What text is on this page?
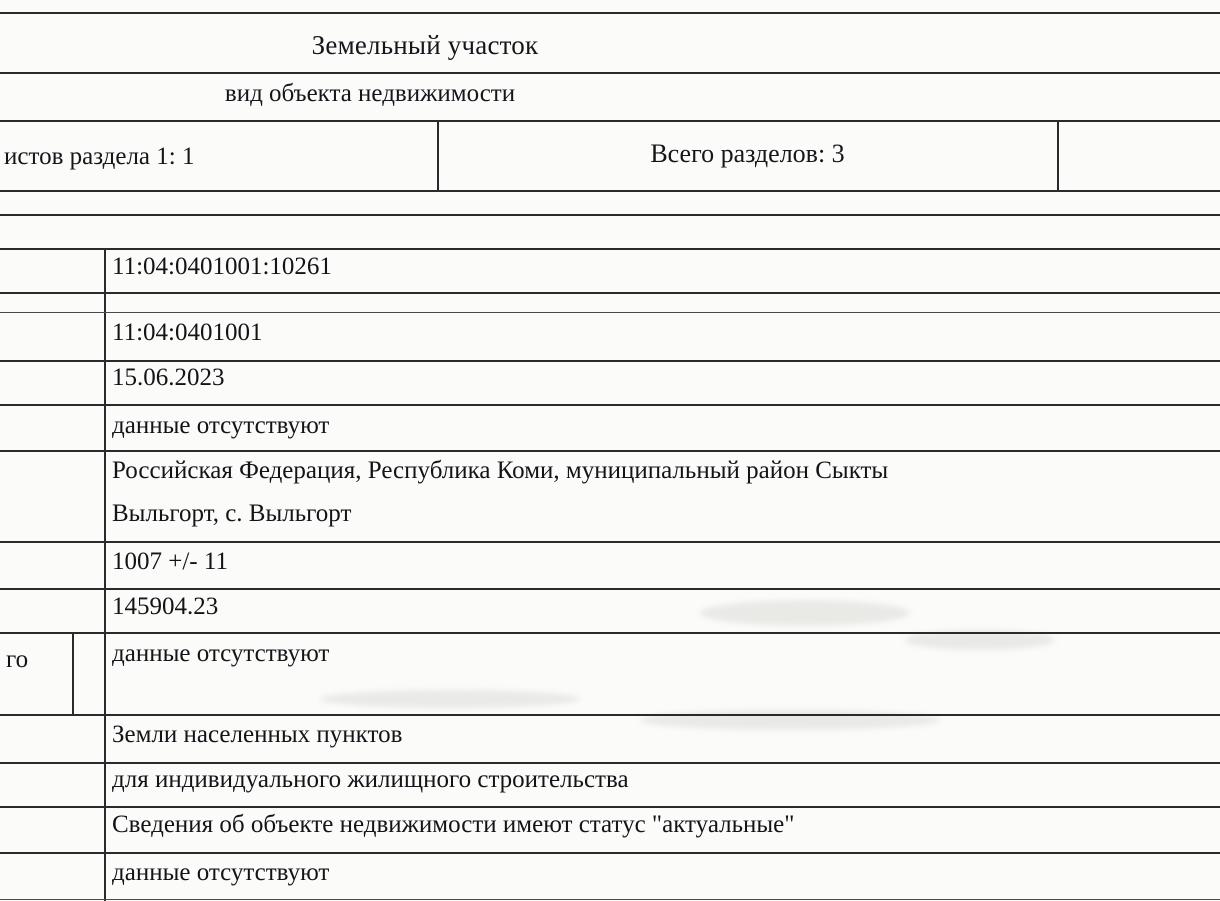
Земельный участок
вид объекта недвижимости
истов раздела 1: 1	Всего разделов: 3
11:04:0401001:10261
11:04:0401001
15.06.2023
данные отсутствуют
Российская Федерация, Республика Коми, муниципальный район Сыкты
Выльгорт, с. Выльгорт
1007 +/- 11
145904.23
го	данные отсутствуют
Земли населенных пунктов
для индивидуального жилищного строительства
Сведения об объекте недвижимости имеют статус "актуальные"
данные отсутствуют
